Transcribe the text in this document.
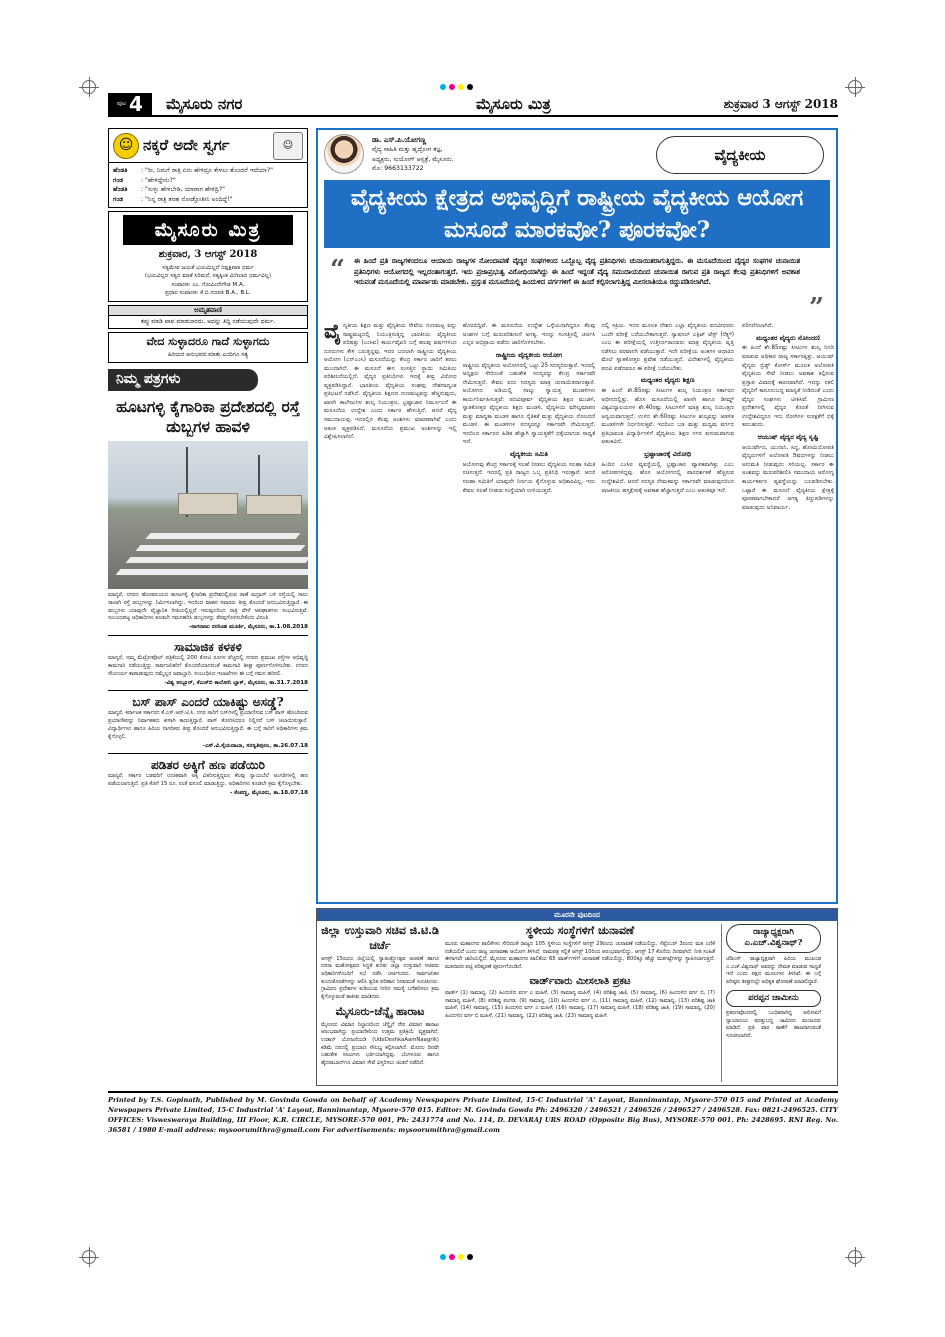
ಪುಟ 4 ಮೈಸೂರು ನಗರ	ಮೈಸೂರು ಮಿತ್ರ	ಶುಕ್ರವಾರ 3 ಆಗಸ್ಟ್ 2018
☺ ನಕ್ಕರೆ ಅದೇ ಸ್ವರ್ಗ	☺
ಹೆಂಡತಿ	: "ರೀ, ನಿಮಗೆ ರಾತ್ರಿ ಏನು ಹೇಳಿದ್ರೂ ಕೇಳಲು ತೊಂದರೆ ಇದೆಯಾ?"
ಗಂಡ	: "ಹೇಳಿದ್ದೇನು?"
ಹೆಂಡತಿ	: "ಸುಳ್ಳು ಹೇಳಬೇಡಿ, ಯಾವಾಗ ಹೇಳಿದ್ರಿ?"
ಗಂಡ	: "ನಿನ್ನ ರಾತ್ರಿ ತರಹ ನೋಡ್ತೋತೀನಿ ಅಂದಿದ್ದೆ!"
ಮೈಸೂರು ಮಿತ್ರ
ಶುಕ್ರವಾರ, 3 ಆಗಸ್ಟ್ 2018
ಸತ್ಯಮೇವ ಜಯತೆ ಭಯಮಿಲ್ಲದೆ ನಿಷ್ಪಕ್ಷಪಾತ ಧರ್ಮ
(ಭಯವಿಲ್ಲದ ಸತ್ಯದ ಮಾತೆ ಸಿರಿಮನೆ, ಸತ್ಯಕ್ಕಿಂತ ಮಿಗಿಲಾದ ಧರ್ಮವಿಲ್ಲ)
ಸಂಪಾದಕ: ಎಂ. ಗೋವಿಂದೇಗೌಡ M.A.
ಪ್ರಧಾನ ಸಂಪಾದಕ: ಕೆ.ಬಿ.ಗಣಪತಿ B.A., B.L.
ಅಮೃತವಾಣಿ
ತಪ್ಪು ಮಾಡಿ ಪಾಪ ಮಾಡಬಾರದು, ಅದನ್ನು ತಿದ್ದಿ ನಡೆಯುವುದೇ ಧರ್ಮ.
ವೇದ ಸುಳ್ಳಾದರೂ ಗಾದೆ ಸುಳ್ಳಾಗದು
ಹಿರಿಯರ ಅನುಭವದ ಮಾತು ಎಂದಿಗೂ ಸತ್ಯ
ನಿಮ್ಮ ಪತ್ರಗಳು
ಹೂಟಗಳ್ಳಿ ಕೈಗಾರಿಕಾ ಪ್ರದೇಶದಲ್ಲಿ ರಸ್ತೆ ಡುಬ್ಬಗಳ ಹಾವಳಿ
ಮಾನ್ಯರೆ, ನಗರದ ಹೊರವಲಯದ ಹೂಟಗಳ್ಳಿ ಕೈಗಾರಿಕಾ ಪ್ರದೇಶದಲ್ಲಿರುವ ರಾಣೆ ಮದ್ರಾಸ್ ಬಳಿ ರಸ್ತೆಯಲ್ಲಿ ಸಾಲು ಸಾಲಾಗಿ ರಸ್ತೆ ಡುಬ್ಬಗಳನ್ನು ನಿರ್ಮಿಸಲಾಗಿದ್ದು, ಇದರಿಂದ ವಾಹನ ಸವಾರರು ತೀವ್ರ ತೊಂದರೆ ಅನುಭವಿಸುತ್ತಿದ್ದಾರೆ. ಈ ಡುಬ್ಬಗಳು ಯಾವುದೇ ವೈಜ್ಞಾನಿಕ ರೀತಿಯಲ್ಲಿಲ್ಲದೆ ಇರುವುದರಿಂದ ರಾತ್ರಿ ವೇಳೆ ಅಪಘಾತಗಳು ಸಂಭವಿಸುತ್ತಿವೆ. ಸಂಬಂಧಪಟ್ಟ ಅಧಿಕಾರಿಗಳು ಕೂಡಲೇ ಗಮನಹರಿಸಿ ಡುಬ್ಬಗಳನ್ನು ತೆರವುಗೊಳಿಸಬೇಕೆಂದು ವಿನಂತಿ.
-ನಾಗರಾಜು ನರಸಿಂಹ ಮೂರ್ತಿ, ಮೈಸೂರು, ತಾ.1.08.2018
ಸಾಮಾಜಿಕ ಕಳಕಳಿ
ಮಾನ್ಯರೆ, ನಮ್ಮ ಮೆಟ್ರೋಪೊಲ್ ಪತ್ರಿಕೆಯಲ್ಲಿ 200 ಕೋಟಿ ರೂಗಳ ವೆಚ್ಚದಲ್ಲಿ ನಗರದ ಪ್ರಮುಖ ರಸ್ತೆಗಳ ಅಭಿವೃದ್ಧಿ ಕಾಮಗಾರಿ ನಡೆಯುತ್ತಿದ್ದು ಸಾರ್ವಜನಿಕರಿಗೆ ತೊಂದರೆಯಾಗದಂತೆ ಕಾಮಗಾರಿ ಶೀಘ್ರ ಪೂರ್ಣಗೊಳಿಸಬೇಕು. ನಗರದ ಸೌಂದರ್ಯ ಕಾಪಾಡುವುದು ನಮ್ಮೆಲ್ಲರ ಜವಾಬ್ದಾರಿ. ಸಂಬಂಧಿಸಿದ ಇಲಾಖೆಗಳು ಈ ಬಗ್ಗೆ ಗಮನ ಹರಿಸಲಿ.
-ವಿಶ್ವ ಅಬ್ಬೂರ್, ಕೆಎಚ್‌ಬಿ ಕಾಲೋನಿ ಬ್ಲಾಕ್, ಮೈಸೂರು, ತಾ.31.7.2018
ಬಸ್ ಪಾಸ್ ಎಂದರೆ ಯಾಕಿಷ್ಟು ಅಸಡ್ಡೆ?
ಮಾನ್ಯರೆ, ಕರ್ನಾಟಕ ಸರ್ಕಾರದ ಕೆ.ಎಸ್.ಆರ್.ಟಿ.ಸಿ. ನಗರ ಸಾರಿಗೆ ಬಸ್‌ಗಳಲ್ಲಿ ಪ್ರಯಾಣಿಸುವ ಬಸ್ ಪಾಸ್ ಹೊಂದಿರುವ ಪ್ರಯಾಣಿಕರನ್ನು ನಿರ್ವಾಹಕರು ಕೀಳಾಗಿ ಕಾಣುತ್ತಿದ್ದಾರೆ. ಪಾಸ್ ತೋರಿಸಿದರೂ ನಿಲ್ಲಿಸದೆ ಬಸ್ ಚಲಾಯಿಸುತ್ತಾರೆ. ವಿದ್ಯಾರ್ಥಿಗಳು ಹಾಗೂ ಹಿರಿಯ ನಾಗರಿಕರು ತೀವ್ರ ತೊಂದರೆ ಅನುಭವಿಸುತ್ತಿದ್ದಾರೆ. ಈ ಬಗ್ಗೆ ಸಾರಿಗೆ ಅಧಿಕಾರಿಗಳು ಕ್ರಮ ಕೈಗೊಳ್ಳಲಿ.
-ಎಸ್.ವಿ.ಸೈಯದಾಬಾ, ಸರಸ್ವತಿಪುರಂ, ತಾ.26.07.18
ಪಡಿತರ ಅಕ್ಕಿಗೆ ಹಣ ಪಡೆಯಿರಿ
ಮಾನ್ಯರೆ, ಸರ್ಕಾರ ಬಡವರಿಗೆ ಉಚಿತವಾಗಿ ಅಕ್ಕಿ ವಿತರಿಸುತ್ತಿದ್ದರೂ ಕೆಲವು ನ್ಯಾಯಬೆಲೆ ಅಂಗಡಿಗಳಲ್ಲಿ ಹಣ ಪಡೆಯಲಾಗುತ್ತಿದೆ. ಪ್ರತಿ ಕೆಜಿಗೆ 15 ರೂ. ನಂತೆ ವಸೂಲಿ ಮಾಡುತ್ತಿದ್ದು, ಅಧಿಕಾರಿಗಳು ಕೂಡಲೇ ಕ್ರಮ ಕೈಗೊಳ್ಳಬೇಕು.
- ಕೆಂಪಣ್ಣ, ಮೈಸೂರು, ತಾ.18.07.18
ಡಾ. ಎಸ್.ಪಿ.ಯೋಗಣ್ಣ
ವೈದ್ಯ ಸಾಹಿತಿ ಮತ್ತು ಹೃದ್ರೋಗ ತಜ್ಞ,
ಅಧ್ಯಕ್ಷರು, ಸುಯೋಗ್ ಆಸ್ಪತ್ರೆ, ಮೈಸೂರು.
ಮೊ: 9663133722
ವೈದ್ಯಕೀಯ
ವೈದ್ಯಕೀಯ ಕ್ಷೇತ್ರದ ಅಭಿವೃದ್ಧಿಗೆ ರಾಷ್ಟ್ರೀಯ ವೈದ್ಯಕೀಯ ಆಯೋಗ ಮಸೂದೆ ಮಾರಕವೋ? ಪೂರಕವೋ?
“ ಈ ಹಿಂದೆ ಪ್ರತಿ ರಾಜ್ಯಗಳಿಂದಲೂ ಆಯಾಯ ರಾಜ್ಯಗಳ ನೋಂದಾವಣೆ ವೈದ್ಯರ ಸಂಘಗಳಿಂದ ಒಬ್ಬೊಬ್ಬ ವೈದ್ಯ ಪ್ರತಿನಿಧಿಗಳು ಚುನಾಯಿತರಾಗುತ್ತಿದ್ದರು. ಈ ಮಸೂದೆಯಿಂದ ವೈದ್ಯರ ಸಂಘಗಳ ಚುನಾಯಿತ ಪ್ರತಿನಿಧಿಗಳು ಆಯೋಗದಲ್ಲಿ ಇಲ್ಲದಂತಾಗುತ್ತದೆ. ಇದು ಪ್ರಜಾಪ್ರಭುತ್ವ ವಿರೋಧಿಯಾಗಿದ್ದು ಈ ಹಿಂದೆ ಇದ್ದಂತೆ ವೈದ್ಯ ಸಮುದಾಯದಿಂದ ಚುನಾಯಿತ ರಾಗುವ ಪ್ರತಿ ರಾಜ್ಯದ ಕೆಲವು ಪ್ರತಿನಿಧಿಗಳಿಗೆ ಅವಕಾಶ ಇರುವಂತೆ ಮಸೂದೆಯಲ್ಲಿ ಮಾರ್ಪಾಡು ಮಾಡಬೇಕು. ಪ್ರಸ್ತುತ ಮಸೂದೆಯಲ್ಲಿ ಹಿಂದುಳಿದ ವರ್ಗಗಳಿಗೆ ಈ ಹಿಂದೆ ಕಲ್ಪಿಸಲಾಗುತ್ತಿದ್ದ ಮೀಸಲಾತಿಯೂ ರದ್ದುಪಡಿಸಲಾಗಿದೆ. ”
ವೈದ್ಯಕೀಯ ಶಿಕ್ಷಣ ಮತ್ತು ವೈದ್ಯಕೀಯ ಸೇವೆಯ ಗುಣಮಟ್ಟ ವನ್ನು ರಾಷ್ಟ್ರಮಟ್ಟದಲ್ಲಿ ನಿಯಂತ್ರಿಸುತ್ತಿದ್ದ ಭಾರತೀಯ ವೈದ್ಯಕೀಯ ಪರಿಷತ್ತು (ಎಂಸಿಐ) ಕಾರ್ಯವೈಖರಿ ಬಗ್ಗೆ ಹಲವು ವರ್ಷಗಳಿಂದ ದೂರುಗಳು ಕೇಳಿ ಬರುತ್ತಿದ್ದವು. ಇದರ ಬದಲಾಗಿ ರಾಷ್ಟ್ರೀಯ ವೈದ್ಯಕೀಯ ಆಯೋಗ (ಎನ್‌ಎಂಸಿ) ಮಸೂದೆಯನ್ನು ಕೇಂದ್ರ ಸರ್ಕಾರ ಜಾರಿಗೆ ತರಲು ಮುಂದಾಗಿದೆ. ಈ ಮಸೂದೆ ಈಗ ಸಂಸತ್ತಿನ ಸ್ಥಾಯಿ ಸಮಿತಿಯ ಪರಿಶೀಲನೆಯಲ್ಲಿದೆ. ವೈದ್ಯರ ಪ್ರತಿನಿಧಿಗಳು ಇದಕ್ಕೆ ತೀವ್ರ ವಿರೋಧ ವ್ಯಕ್ತಪಡಿಸಿದ್ದಾರೆ. ಭಾರತೀಯ ವೈದ್ಯಕೀಯ ಸಂಘವು ದೇಶದಾದ್ಯಂತ ಪ್ರತಿಭಟನೆ ನಡೆಸಿದೆ. ವೈದ್ಯಕೀಯ ಶಿಕ್ಷಣದ ಗುಣಮಟ್ಟವನ್ನು ಹೆಚ್ಚಿಸುವುದು, ಖಾಸಗಿ ಕಾಲೇಜುಗಳ ಶುಲ್ಕ ನಿಯಂತ್ರಣ, ಭ್ರಷ್ಟಾಚಾರ ನಿರ್ಮೂಲನೆ ಈ ಮಸೂದೆಯ ಉದ್ದೇಶ ಎಂದು ಸರ್ಕಾರ ಹೇಳುತ್ತಿದೆ. ಆದರೆ ವೈದ್ಯ ಸಮುದಾಯವು ಇದರಲ್ಲಿನ ಕೆಲವು ಅಂಶಗಳು ಮಾರಕವಾಗಿವೆ ಎಂದು ಆತಂಕ ವ್ಯಕ್ತಪಡಿಸಿದೆ. ಮಸೂದೆಯ ಪ್ರಮುಖ ಅಂಶಗಳನ್ನು ಇಲ್ಲಿ ವಿಶ್ಲೇಷಿಸಲಾಗಿದೆ.
ಹೊರಬಿದ್ದಿವೆ. ಈ ಮಸೂದೆಯ ಉದ್ದೇಶ ಒಳ್ಳೆಯದಾಗಿದ್ದರೂ ಕೆಲವು ಅಂಶಗಳ ಬಗ್ಗೆ ಮರುಪರಿಶೀಲನೆ ಅಗತ್ಯ. ಇದನ್ನು ಸಂಸತ್ತಿನಲ್ಲಿ ಚರ್ಚಿಸಿ ಎಲ್ಲರ ಅಭಿಪ್ರಾಯ ಪಡೆದು ಜಾರಿಗೊಳಿಸಬೇಕು.
ರಾಷ್ಟ್ರೀಯ ವೈದ್ಯಕೀಯ ಆಯೋಗ
ರಾಷ್ಟ್ರೀಯ ವೈದ್ಯಕೀಯ ಆಯೋಗದಲ್ಲಿ ಒಟ್ಟು 25 ಸದಸ್ಯರಿರುತ್ತಾರೆ. ಇದರಲ್ಲಿ ಅಧ್ಯಕ್ಷರು ಸೇರಿದಂತೆ ಬಹುತೇಕ ಸದಸ್ಯರನ್ನು ಕೇಂದ್ರ ಸರ್ಕಾರವೇ ನೇಮಿಸುತ್ತದೆ. ಕೇವಲ ಐದು ಸದಸ್ಯರು ಮಾತ್ರ ಚುನಾಯಿತರಾಗುತ್ತಾರೆ. ಆಯೋಗದ ಅಡಿಯಲ್ಲಿ ನಾಲ್ಕು ಸ್ವಾಯತ್ತ ಮಂಡಳಿಗಳು ಕಾರ್ಯನಿರ್ವಹಿಸುತ್ತವೆ: ಪದವಿಪೂರ್ವ ವೈದ್ಯಕೀಯ ಶಿಕ್ಷಣ ಮಂಡಳಿ, ಸ್ನಾತಕೋತ್ತರ ವೈದ್ಯಕೀಯ ಶಿಕ್ಷಣ ಮಂಡಳಿ, ವೈದ್ಯಕೀಯ ಮೌಲ್ಯಮಾಪನ ಮತ್ತು ಮಾನ್ಯತಾ ಮಂಡಳಿ ಹಾಗೂ ನೈತಿಕತೆ ಮತ್ತು ವೈದ್ಯಕೀಯ ನೋಂದಣಿ ಮಂಡಳಿ. ಈ ಮಂಡಳಿಗಳ ಸದಸ್ಯರನ್ನೂ ಸರ್ಕಾರವೇ ನೇಮಿಸುತ್ತದೆ. ಇದರಿಂದ ಸರ್ಕಾರದ ಹಿಡಿತ ಹೆಚ್ಚಾಗಿ ಸ್ವಾಯತ್ತತೆಗೆ ಧಕ್ಕೆಯಾಗುವ ಸಾಧ್ಯತೆ ಇದೆ.
ವೈದ್ಯಕೀಯ ಸಮಿತಿ
ಆಯೋಗವು ಕೇಂದ್ರ ಸರ್ಕಾರಕ್ಕೆ ಸಲಹೆ ನೀಡಲು ವೈದ್ಯಕೀಯ ಸಲಹಾ ಸಮಿತಿ ರಚಿಸುತ್ತದೆ. ಇದರಲ್ಲಿ ಪ್ರತಿ ರಾಜ್ಯದ ಒಬ್ಬ ಪ್ರತಿನಿಧಿ ಇರುತ್ತಾರೆ. ಆದರೆ ಸಲಹಾ ಸಮಿತಿಗೆ ಯಾವುದೇ ನಿರ್ಣಯ ಕೈಗೊಳ್ಳುವ ಅಧಿಕಾರವಿಲ್ಲ. ಇದು ಕೇವಲ ಸಲಹೆ ನೀಡುವ ಸಂಸ್ಥೆಯಾಗಿ ಉಳಿಯುತ್ತದೆ.
ದಲ್ಲಿ ಸಕ್ರಿಯ. ಇದರ ಮೂಲಕ ದೇಶದ ಎಲ್ಲಾ ವೈದ್ಯಕೀಯ ಪದವೀಧರರು ಒಂದೇ ಪರೀಕ್ಷೆ ಬರೆಯಬೇಕಾಗುತ್ತದೆ. ನ್ಯಾಷನಲ್ ಎಕ್ಸಿಟ್ ಟೆಸ್ಟ್ (ನೆಕ್ಸ್ಟ್) ಎಂಬ ಈ ಪರೀಕ್ಷೆಯಲ್ಲಿ ಉತ್ತೀರ್ಣರಾದವರು ಮಾತ್ರ ವೈದ್ಯಕೀಯ ವೃತ್ತಿ ನಡೆಸಲು ಪರವಾನಗಿ ಪಡೆಯುತ್ತಾರೆ. ಇದೇ ಪರೀಕ್ಷೆಯ ಅಂಕಗಳ ಆಧಾರದ ಮೇಲೆ ಸ್ನಾತಕೋತ್ತರ ಪ್ರವೇಶ ನಡೆಯುತ್ತದೆ. ವಿದೇಶಗಳಲ್ಲಿ ವೈದ್ಯಕೀಯ ಪದವಿ ಪಡೆದವರೂ ಈ ಪರೀಕ್ಷೆ ಬರೆಯಬೇಕು.
ಮಧ್ಯಂತರ ವೈದ್ಯರು ಶಿಕ್ಷಣ
ಈ ಹಿಂದೆ ಶೇ.85ರಷ್ಟು ಸೀಟುಗಳ ಶುಲ್ಕ ನಿಯಂತ್ರಣ ಸರ್ಕಾರದ ಅಧೀನದಲ್ಲಿತ್ತು. ಹೊಸ ಮಸೂದೆಯಲ್ಲಿ ಖಾಸಗಿ ಹಾಗೂ ಡೀಮ್ಡ್ ವಿಶ್ವವಿದ್ಯಾಲಯಗಳ ಶೇ.40ರಷ್ಟು ಸೀಟುಗಳಿಗೆ ಮಾತ್ರ ಶುಲ್ಕ ನಿಯಂತ್ರಣ ಅನ್ವಯವಾಗುತ್ತದೆ. ಉಳಿದ ಶೇ.60ರಷ್ಟು ಸೀಟುಗಳ ಶುಲ್ಕವನ್ನು ಆಡಳಿತ ಮಂಡಳಿಗಳೇ ನಿರ್ಧರಿಸುತ್ತವೆ. ಇದರಿಂದ ಬಡ ಮತ್ತು ಮಧ್ಯಮ ವರ್ಗದ ಪ್ರತಿಭಾವಂತ ವಿದ್ಯಾರ್ಥಿಗಳಿಗೆ ವೈದ್ಯಕೀಯ ಶಿಕ್ಷಣ ಗಗನ ಕುಸುಮವಾಗುವ ಆತಂಕವಿದೆ.
ಭ್ರಷ್ಟಾಚಾರಕ್ಕೆ ವಿರೋಧಿ
ಹಿಂದಿನ ಎಂಸಿಐ ವ್ಯವಸ್ಥೆಯಲ್ಲಿ ಭ್ರಷ್ಟಾಚಾರ ವ್ಯಾಪಕವಾಗಿತ್ತು ಎಂಬ ಆರೋಪಗಳಿದ್ದವು. ಹೊಸ ಆಯೋಗದಲ್ಲಿ ಪಾರದರ್ಶಕತೆ ಹೆಚ್ಚಿಸುವ ಉದ್ದೇಶವಿದೆ. ಆದರೆ ಸದಸ್ಯರ ನೇಮಕವನ್ನು ಸರ್ಕಾರವೇ ಮಾಡುವುದರಿಂದ ರಾಜಕೀಯ ಹಸ್ತಕ್ಷೇಪಕ್ಕೆ ಅವಕಾಶ ಹೆಚ್ಚಾಗುತ್ತದೆ ಎಂಬ ಆತಂಕವೂ ಇದೆ.
ಪರಿಗಣಿಸಲಾಗಿದೆ.
ಮಧ್ಯಂತರ ವೈದ್ಯರು ನೋಂದಣಿ
ಈ ಹಿಂದೆ ಶೇ.85ರಷ್ಟು ಸೀಟುಗಳ ಶುಲ್ಕ ನಿಗದಿ ಮಾಡುವ ಅಧಿಕಾರ ರಾಜ್ಯ ಸರ್ಕಾರಕ್ಕಿತ್ತು. ಆಯುಷ್ ವೈದ್ಯರು ಬ್ರಿಡ್ಜ್ ಕೋರ್ಸ್ ಮೂಲಕ ಅಲೋಪತಿ ವೈದ್ಯಕೀಯ ಸೇವೆ ನೀಡಲು ಅವಕಾಶ ಕಲ್ಪಿಸುವ ಪ್ರಸ್ತಾಪ ವಿವಾದಕ್ಕೆ ಕಾರಣವಾಗಿದೆ. ಇದನ್ನು ನಕಲಿ ವೈದ್ಯರಿಗೆ ಕಾನೂನುಬದ್ಧ ಮಾನ್ಯತೆ ನೀಡಿದಂತೆ ಎಂದು ವೈದ್ಯರ ಸಂಘಗಳು ಟೀಕಿಸಿವೆ. ಗ್ರಾಮೀಣ ಪ್ರದೇಶಗಳಲ್ಲಿ ವೈದ್ಯರ ಕೊರತೆ ನೀಗಿಸುವ ಉದ್ದೇಶವಿದ್ದರೂ ಇದು ರೋಗಿಗಳ ಸುರಕ್ಷತೆಗೆ ಧಕ್ಕೆ ತರಬಹುದು.
ಆಯುಷ್ ವೈದ್ಯರ ವೈದ್ಯ ಸೃಷ್ಟಿ
ಆಯುರ್ವೇದ, ಯುನಾನಿ, ಸಿದ್ಧ, ಹೋಮಿಯೋಪತಿ ವೈದ್ಯರುಗಳಿಗೆ ಅಲೋಪತಿ ಔಷಧಗಳನ್ನು ನೀಡಲು ಅನುಮತಿ ನೀಡುವುದು ಸರಿಯಲ್ಲ. ಸರ್ಕಾರ ಈ ಅಂಶವನ್ನು ಮರುಪರಿಶೀಲಿಸಿ ಸಮುದಾಯ ಆರೋಗ್ಯ ಕಾರ್ಯಕರ್ತರ ವ್ಯವಸ್ಥೆಯನ್ನು ಬಲಪಡಿಸಬೇಕು. ಒಟ್ಟಾರೆ ಈ ಮಸೂದೆ ವೈದ್ಯಕೀಯ ಕ್ಷೇತ್ರಕ್ಕೆ ಪೂರಕವಾಗಬೇಕಾದರೆ ಅಗತ್ಯ ತಿದ್ದುಪಡಿಗಳನ್ನು ಮಾಡುವುದು ಅನಿವಾರ್ಯ.
ಮೂರನೇ ಪುಟದಿಂದ
ಜಿಲ್ಲಾ ಉಸ್ತುವಾರಿ ಸಚಿವ ಜಿ.ಟಿ.ಡಿ ಚರ್ಚೆ
ಆಗಸ್ಟ್ 15ರಂದು ಜಿಲ್ಲೆಯಲ್ಲಿ ಸ್ವಾತಂತ್ರ್ಯೋತ್ಸವ ಆಚರಣೆ ಹಾಗೂ ದಸರಾ ಮಹೋತ್ಸವದ ಸಿದ್ಧತೆ ಕುರಿತು ಜಿಲ್ಲಾ ಉಸ್ತುವಾರಿ ಸಚಿವರು ಅಧಿಕಾರಿಗಳೊಂದಿಗೆ ಸಭೆ ನಡೆಸಿ ಚರ್ಚಿಸಿದರು. ಸಾರ್ವಜನಿಕರ ಕುಂದುಕೊರತೆಗಳನ್ನು ಆಲಿಸಿ ತ್ವರಿತ ಪರಿಹಾರ ನೀಡುವಂತೆ ಸೂಚಿಸಿದರು. ಗ್ರಾಮೀಣ ಪ್ರದೇಶಗಳ ಕುಡಿಯುವ ನೀರಿನ ಸಮಸ್ಯೆ ಬಗೆಹರಿಸಲು ಕ್ರಮ ಕೈಗೊಳ್ಳುವಂತೆ ತಾಕೀತು ಮಾಡಿದರು.
ಮೈಸೂರು-ಚೆನ್ನೈ ಹಾರಾಟ
ಮೈಸೂರು ವಿಮಾನ ನಿಲ್ದಾಣದಿಂದ ಚೆನ್ನೈಗೆ ನೇರ ವಿಮಾನ ಹಾರಾಟ ಆರಂಭವಾಗಿದ್ದು ಪ್ರಯಾಣಿಕರಿಂದ ಉತ್ತಮ ಪ್ರತಿಕ್ರಿಯೆ ವ್ಯಕ್ತವಾಗಿದೆ. ಉಡಾನ್ ಯೋಜನೆಯಡಿ (UdeDeshkaAamNaagrik) ಕಡಿಮೆ ದರದಲ್ಲಿ ಪ್ರಯಾಣ ಸೌಲಭ್ಯ ಕಲ್ಪಿಸಲಾಗಿದೆ. ಮೊದಲ ದಿನವೇ ಬಹುತೇಕ ಸೀಟುಗಳು ಭರ್ತಿಯಾಗಿದ್ದವು. ಬೆಂಗಳೂರು ಹಾಗೂ ಹೈದರಾಬಾದ್‌ಗೂ ವಿಮಾನ ಸೇವೆ ವಿಸ್ತರಿಸಲು ಚಿಂತನೆ ನಡೆದಿದೆ.
ಸ್ಥಳೀಯ ಸಂಸ್ಥೆಗಳಿಗೆ ಚುನಾವಣೆ
ಮೂರು ಮಹಾನಗರ ಪಾಲಿಕೆಗಳು ಸೇರಿದಂತೆ ರಾಜ್ಯದ 105 ಸ್ಥಳೀಯ ಸಂಸ್ಥೆಗಳಿಗೆ ಆಗಸ್ಟ್ 29ರಂದು ಚುನಾವಣೆ ನಡೆಯಲಿದ್ದು, ಸೆಪ್ಟೆಂಬರ್ 3ರಂದು ಮತ ಎಣಿಕೆ ನಡೆಯಲಿದೆ ಎಂದು ರಾಜ್ಯ ಚುನಾವಣಾ ಆಯೋಗ ತಿಳಿಸಿದೆ. ನಾಮಪತ್ರ ಸಲ್ಲಿಕೆ ಆಗಸ್ಟ್ 10ರಿಂದ ಆರಂಭವಾಗಲಿದ್ದು, ಆಗಸ್ಟ್ 17 ಕೊನೆಯ ದಿನವಾಗಿದೆ. ನೀತಿ ಸಂಹಿತೆ ಈಗಾಗಲೇ ಜಾರಿಯಲ್ಲಿದೆ. ಮೈಸೂರು ಮಹಾನಗರ ಪಾಲಿಕೆಯ 65 ವಾರ್ಡ್‌ಗಳಿಗೆ ಚುನಾವಣೆ ನಡೆಯಲಿದ್ದು, 800ಕ್ಕೂ ಹೆಚ್ಚು ಮತಗಟ್ಟೆಗಳನ್ನು ಸ್ಥಾಪಿಸಲಾಗುತ್ತದೆ. ಮತದಾರರ ಪಟ್ಟಿ ಪರಿಷ್ಕರಣೆ ಪೂರ್ಣಗೊಂಡಿದೆ.
ವಾರ್ಡ್‌ವಾರು ಮೀಸಲಾತಿ ಪ್ರಕಟ
ವಾರ್ಡ್ (1) ಸಾಮಾನ್ಯ, (2) ಹಿಂದುಳಿದ ವರ್ಗ ಎ ಮಹಿಳೆ, (3) ಸಾಮಾನ್ಯ ಮಹಿಳೆ, (4) ಪರಿಶಿಷ್ಟ ಜಾತಿ, (5) ಸಾಮಾನ್ಯ, (6) ಹಿಂದುಳಿದ ವರ್ಗ ಬಿ, (7) ಸಾಮಾನ್ಯ ಮಹಿಳೆ, (8) ಪರಿಶಿಷ್ಟ ಪಂಗಡ, (9) ಸಾಮಾನ್ಯ, (10) ಹಿಂದುಳಿದ ವರ್ಗ ಎ, (11) ಸಾಮಾನ್ಯ ಮಹಿಳೆ, (12) ಸಾಮಾನ್ಯ, (13) ಪರಿಶಿಷ್ಟ ಜಾತಿ ಮಹಿಳೆ, (14) ಸಾಮಾನ್ಯ, (15) ಹಿಂದುಳಿದ ವರ್ಗ ಎ ಮಹಿಳೆ, (16) ಸಾಮಾನ್ಯ, (17) ಸಾಮಾನ್ಯ ಮಹಿಳೆ, (18) ಪರಿಶಿಷ್ಟ ಜಾತಿ, (19) ಸಾಮಾನ್ಯ, (20) ಹಿಂದುಳಿದ ವರ್ಗ ಬಿ ಮಹಿಳೆ, (21) ಸಾಮಾನ್ಯ, (22) ಪರಿಶಿಷ್ಟ ಜಾತಿ, (23) ಸಾಮಾನ್ಯ ಮಹಿಳೆ.
ರಾಜ್ಯಾಧ್ಯಕ್ಷರಾಗಿ ಎ.ಎಚ್.ವಿಶ್ವನಾಥ್?
ಜೆಡಿಎಸ್ ರಾಜ್ಯಾಧ್ಯಕ್ಷರಾಗಿ ಹಿರಿಯ ಮುಖಂಡ ಎ.ಎಚ್.ವಿಶ್ವನಾಥ್ ಅವರನ್ನು ನೇಮಕ ಮಾಡುವ ಸಾಧ್ಯತೆ ಇದೆ ಎಂದು ಪಕ್ಷದ ಮೂಲಗಳು ತಿಳಿಸಿವೆ. ಈ ಬಗ್ಗೆ ವರಿಷ್ಠರು ಶೀಘ್ರದಲ್ಲೇ ಅಧಿಕೃತ ಘೋಷಣೆ ಮಾಡಲಿದ್ದಾರೆ.
ಪರಪ್ಪನ ಜಾಮೀನು
ಪ್ರಕರಣವೊಂದರಲ್ಲಿ ಬಂಧಿತರಾಗಿದ್ದ ಆರೋಪಿಗೆ ನ್ಯಾಯಾಲಯ ಷರತ್ತುಬದ್ಧ ಜಾಮೀನು ಮಂಜೂರು ಮಾಡಿದೆ. ಪ್ರತಿ ವಾರ ಠಾಣೆಗೆ ಹಾಜರಾಗುವಂತೆ ಸೂಚಿಸಲಾಗಿದೆ.
Printed by T.S. Gopinath, Published by M. Govinda Gowda on behalf of Academy Newspapers Private Limited, 15-C Industrial 'A' Layout, Bannimantap, Mysore-570 015 and Printed at Academy Newspapers Private Limited, 15-C Industrial 'A' Layout, Bannimantap, Mysore-570 015. Editor: M. Govinda Gowda Ph: 2496320 / 2496521 / 2496526 / 2496527 / 2496528. Fax: 0821-2496525. CITY OFFICES: Visweswaraya Building, III Floor, K.R. CIRCLE, MYSORE-570 001, Ph: 2431774 and No. 114, D. DEVARAJ URS ROAD (Opposite Big Bus), MYSORE-570 001. Ph: 2428695. RNI Reg. No. 36581 / 1980 E-mail address: mysoorumithra@gmail.com For advertisements: mysoorumithra@gmail.com
